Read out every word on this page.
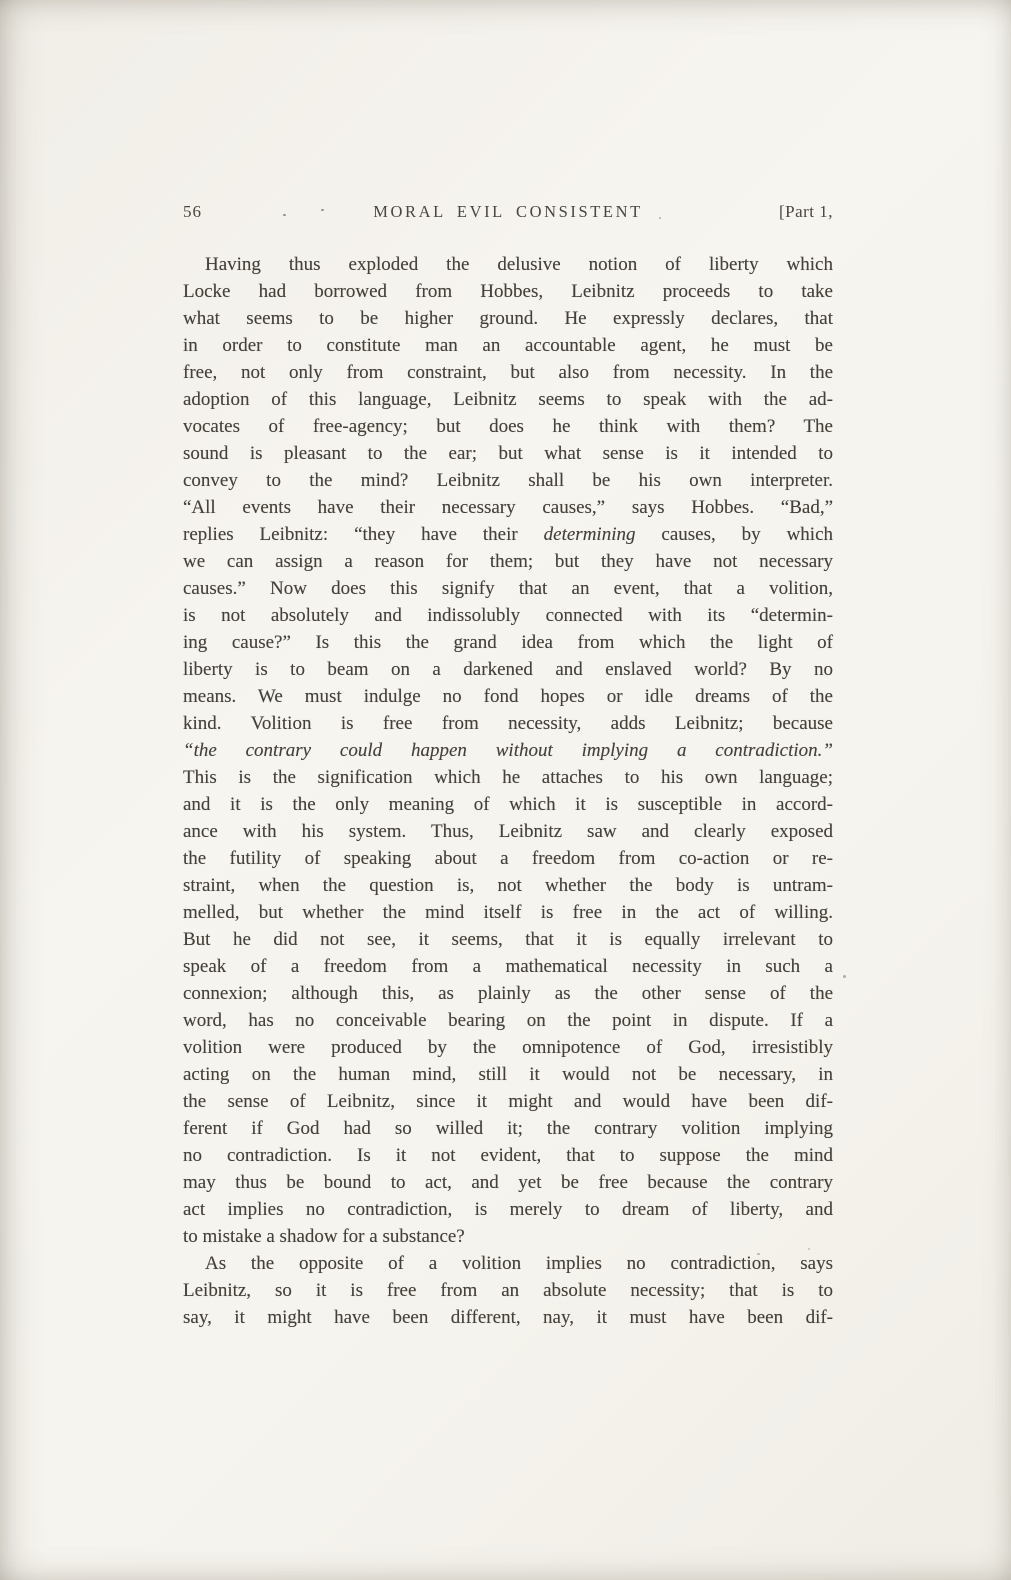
56	MORAL EVIL CONSISTENT	[Part 1,
Having thus exploded the delusive notion of liberty which
Locke had borrowed from Hobbes, Leibnitz proceeds to take
what seems to be higher ground. He expressly declares, that
in order to constitute man an accountable agent, he must be
free, not only from constraint, but also from necessity. In the
adoption of this language, Leibnitz seems to speak with the ad-
vocates of free-agency; but does he think with them? The
sound is pleasant to the ear; but what sense is it intended to
convey to the mind? Leibnitz shall be his own interpreter.
“All events have their necessary causes,” says Hobbes. “Bad,”
replies Leibnitz: “they have their determining causes, by which
we can assign a reason for them; but they have not necessary
causes.” Now does this signify that an event, that a volition,
is not absolutely and indissolubly connected with its “determin-
ing cause?” Is this the grand idea from which the light of
liberty is to beam on a darkened and enslaved world? By no
means. We must indulge no fond hopes or idle dreams of the
kind. Volition is free from necessity, adds Leibnitz; because
“the contrary could happen without implying a contradiction.”
This is the signification which he attaches to his own language;
and it is the only meaning of which it is susceptible in accord-
ance with his system. Thus, Leibnitz saw and clearly exposed
the futility of speaking about a freedom from co-action or re-
straint, when the question is, not whether the body is untram-
melled, but whether the mind itself is free in the act of willing.
But he did not see, it seems, that it is equally irrelevant to
speak of a freedom from a mathematical necessity in such a
connexion; although this, as plainly as the other sense of the
word, has no conceivable bearing on the point in dispute. If a
volition were produced by the omnipotence of God, irresistibly
acting on the human mind, still it would not be necessary, in
the sense of Leibnitz, since it might and would have been dif-
ferent if God had so willed it; the contrary volition implying
no contradiction. Is it not evident, that to suppose the mind
may thus be bound to act, and yet be free because the contrary
act implies no contradiction, is merely to dream of liberty, and
to mistake a shadow for a substance?
As the opposite of a volition implies no contradiction, says
Leibnitz, so it is free from an absolute necessity; that is to
say, it might have been different, nay, it must have been dif-
